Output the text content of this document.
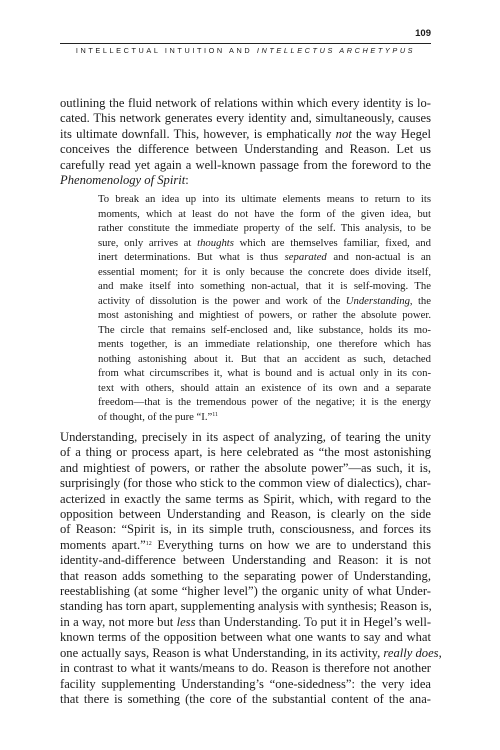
109
INTELLECTUAL INTUITION AND INTELLECTUS ARCHETYPUS
outlining the fluid network of relations within which every identity is lo-
cated. This network generates every identity and, simultaneously, causes
its ultimate downfall. This, however, is emphatically not the way Hegel
conceives the difference between Understanding and Reason. Let us
carefully read yet again a well-known passage from the foreword to the
Phenomenology of Spirit:
To break an idea up into its ultimate elements means to return to its
moments, which at least do not have the form of the given idea, but
rather constitute the immediate property of the self. This analysis, to be
sure, only arrives at thoughts which are themselves familiar, fixed, and
inert determinations. But what is thus separated and non-actual is an
essential moment; for it is only because the concrete does divide itself,
and make itself into something non-actual, that it is self-moving. The
activity of dissolution is the power and work of the Understanding, the
most astonishing and mightiest of powers, or rather the absolute power.
The circle that remains self-enclosed and, like substance, holds its mo-
ments together, is an immediate relationship, one therefore which has
nothing astonishing about it. But that an accident as such, detached
from what circumscribes it, what is bound and is actual only in its con-
text with others, should attain an existence of its own and a separate
freedom—that is the tremendous power of the negative; it is the energy
of thought, of the pure “I.”$^{11}$
Understanding, precisely in its aspect of analyzing, of tearing the unity
of a thing or process apart, is here celebrated as “the most astonishing
and mightiest of powers, or rather the absolute power”—as such, it is,
surprisingly (for those who stick to the common view of dialectics), char-
acterized in exactly the same terms as Spirit, which, with regard to the
opposition between Understanding and Reason, is clearly on the side
of Reason: “Spirit is, in its simple truth, consciousness, and forces its
moments apart.”$^{12}$ Everything turns on how we are to understand this
identity-and-difference between Understanding and Reason: it is not
that reason adds something to the separating power of Understanding,
reestablishing (at some “higher level”) the organic unity of what Under-
standing has torn apart, supplementing analysis with synthesis; Reason is,
in a way, not more but less than Understanding. To put it in Hegel’s well-
known terms of the opposition between what one wants to say and what
one actually says, Reason is what Understanding, in its activity, really does,
in contrast to what it wants/means to do. Reason is therefore not another
facility supplementing Understanding’s “one-sidedness”: the very idea
that there is something (the core of the substantial content of the ana-
